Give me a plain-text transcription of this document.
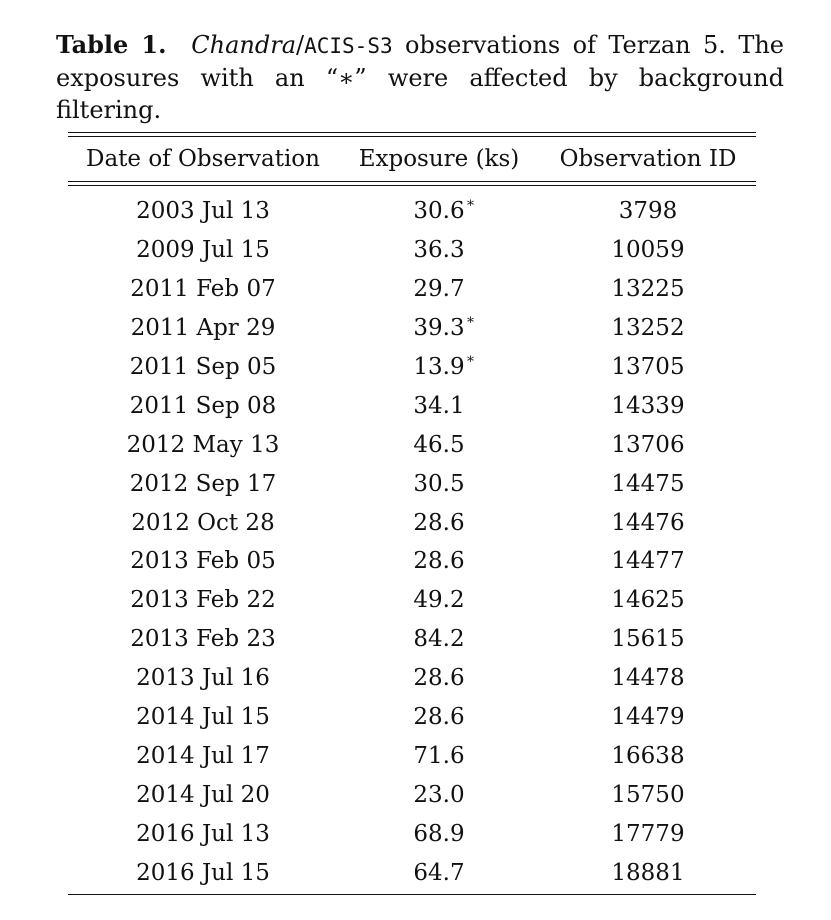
Table 1. Chandra/ACIS-S3 observations of Terzan 5. The exposures with an “∗” were affected by background filtering.
Date of Observation	Exposure (ks)	Observation ID
2003 Jul 13	30.6 ∗	3798
2009 Jul 15	36.3	10059
2011 Feb 07	29.7	13225
2011 Apr 29	39.3 ∗	13252
2011 Sep 05	13.9 ∗	13705
2011 Sep 08	34.1	14339
2012 May 13	46.5	13706
2012 Sep 17	30.5	14475
2012 Oct 28	28.6	14476
2013 Feb 05	28.6	14477
2013 Feb 22	49.2	14625
2013 Feb 23	84.2	15615
2013 Jul 16	28.6	14478
2014 Jul 15	28.6	14479
2014 Jul 17	71.6	16638
2014 Jul 20	23.0	15750
2016 Jul 13	68.9	17779
2016 Jul 15	64.7	18881
